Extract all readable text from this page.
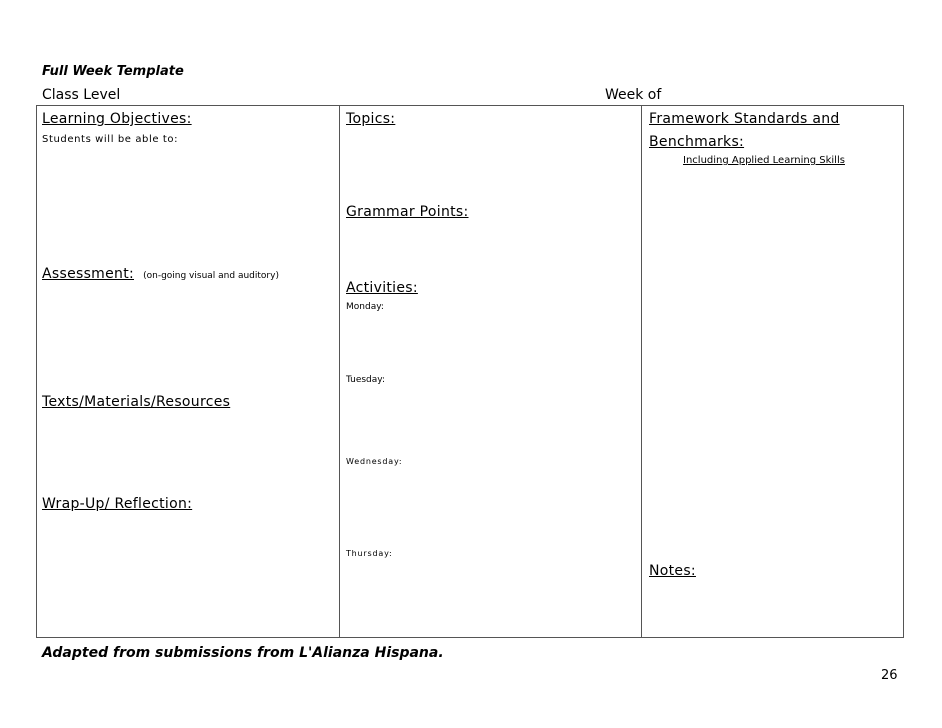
Full Week Template
Class Level	Week of
Learning Objectives:
Students will be able to:
Assessment: (on-going visual and auditory)
Texts/Materials/Resources
Wrap-Up/ Reflection:
Topics:
Grammar Points:
Activities:
Monday:
Tuesday:
Wednesday:
Thursday:
Framework Standards and
Benchmarks:
Including Applied Learning Skills
Notes:
Adapted from submissions from L'Alianza Hispana.
26
